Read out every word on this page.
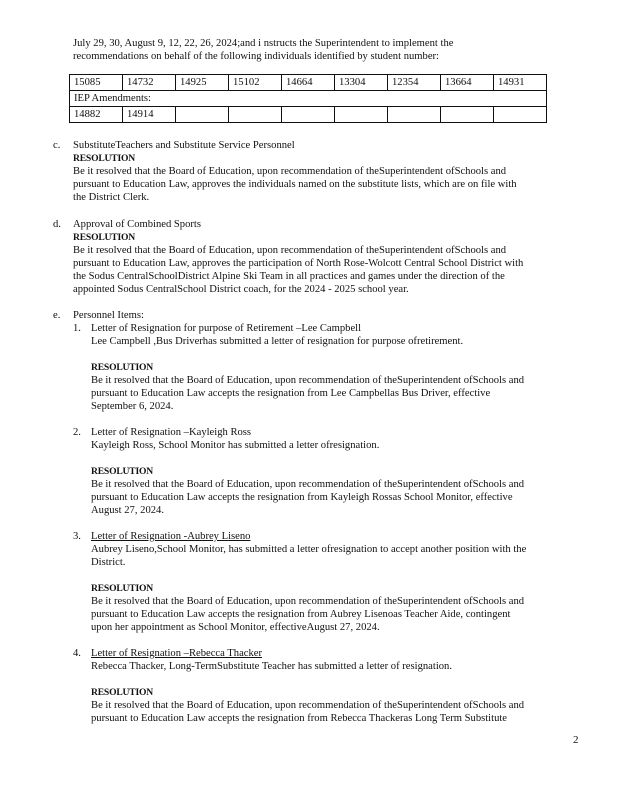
July 29, 30, August 9, 12, 22, 26, 2024;and i nstructs the Superintendent to implement the
recommendations on behalf of the following individuals identified by student number:
15085	14732	14925	15102	14664	13304	12354	13664	14931
IEP Amendments:								
14882	14914							
c. SubstituteTeachers and Substitute Service Personnel
RESOLUTION
Be it resolved that the Board of Education, upon recommendation of theSuperintendent ofSchools and
pursuant to Education Law, approves the individuals named on the substitute lists, which are on file with
the District Clerk.
d. Approval of Combined Sports
RESOLUTION
Be it resolved that the Board of Education, upon recommendation of theSuperintendent ofSchools and
pursuant to Education Law, approves the participation of North Rose-Wolcott Central School District with
the Sodus CentralSchoolDistrict Alpine Ski Team in all practices and games under the direction of the
appointed Sodus CentralSchool District coach, for the 2024 - 2025 school year.
e. Personnel Items:
1. Letter of Resignation for purpose of Retirement –Lee Campbell
Lee Campbell ,Bus Driverhas submitted a letter of resignation for purpose ofretirement.
RESOLUTION
Be it resolved that the Board of Education, upon recommendation of theSuperintendent ofSchools and
pursuant to Education Law accepts the resignation from Lee Campbellas Bus Driver, effective
September 6, 2024.
2. Letter of Resignation –Kayleigh Ross
Kayleigh Ross, School Monitor has submitted a letter ofresignation.
RESOLUTION
Be it resolved that the Board of Education, upon recommendation of theSuperintendent ofSchools and
pursuant to Education Law accepts the resignation from Kayleigh Rossas School Monitor, effective
August 27, 2024.
3. Letter of Resignation -Aubrey Liseno
Aubrey Liseno,School Monitor, has submitted a letter ofresignation to accept another position with the
District.
RESOLUTION
Be it resolved that the Board of Education, upon recommendation of theSuperintendent ofSchools and
pursuant to Education Law accepts the resignation from Aubrey Lisenoas Teacher Aide, contingent
upon her appointment as School Monitor, effectiveAugust 27, 2024.
4. Letter of Resignation –Rebecca Thacker
Rebecca Thacker, Long-TermSubstitute Teacher has submitted a letter of resignation.
RESOLUTION
Be it resolved that the Board of Education, upon recommendation of theSuperintendent ofSchools and
pursuant to Education Law accepts the resignation from Rebecca Thackeras Long Term Substitute
2
